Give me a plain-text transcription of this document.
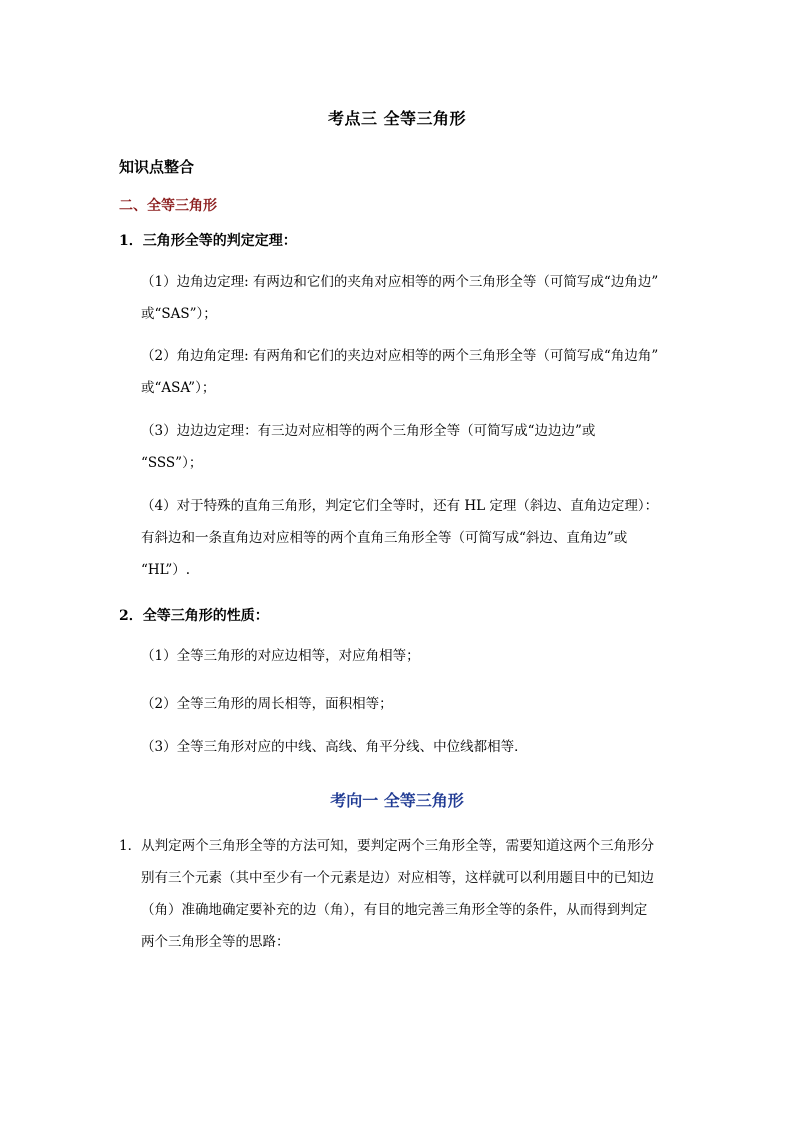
考点三 全等三角形
知识点整合
二、全等三角形
1．三角形全等的判定定理：

（1）边角边定理: 有两边和它们的夹角对应相等的两个三角形全等（可简写成“边角边”
或“SAS”）；

（2）角边角定理: 有两角和它们的夹边对应相等的两个三角形全等（可简写成“角边角”
或“ASA”）；

（3）边边边定理：有三边对应相等的两个三角形全等（可简写成“边边边”或
“SSS”）；

（4）对于特殊的直角三角形，判定它们全等时，还有 HL 定理（斜边、直角边定理）：
有斜边和一条直角边对应相等的两个直角三角形全等（可简写成“斜边、直角边”或
“HL”）.

2．全等三角形的性质：

（1）全等三角形的对应边相等，对应角相等；

（2）全等三角形的周长相等，面积相等；

（3）全等三角形对应的中线、高线、角平分线、中位线都相等．

考向一 全等三角形

1．从判定两个三角形全等的方法可知，要判定两个三角形全等，需要知道这两个三角形分
别有三个元素（其中至少有一个元素是边）对应相等，这样就可以利用题目中的已知边
（角）准确地确定要补充的边（角），有目的地完善三角形全等的条件，从而得到判定
两个三角形全等的思路：
